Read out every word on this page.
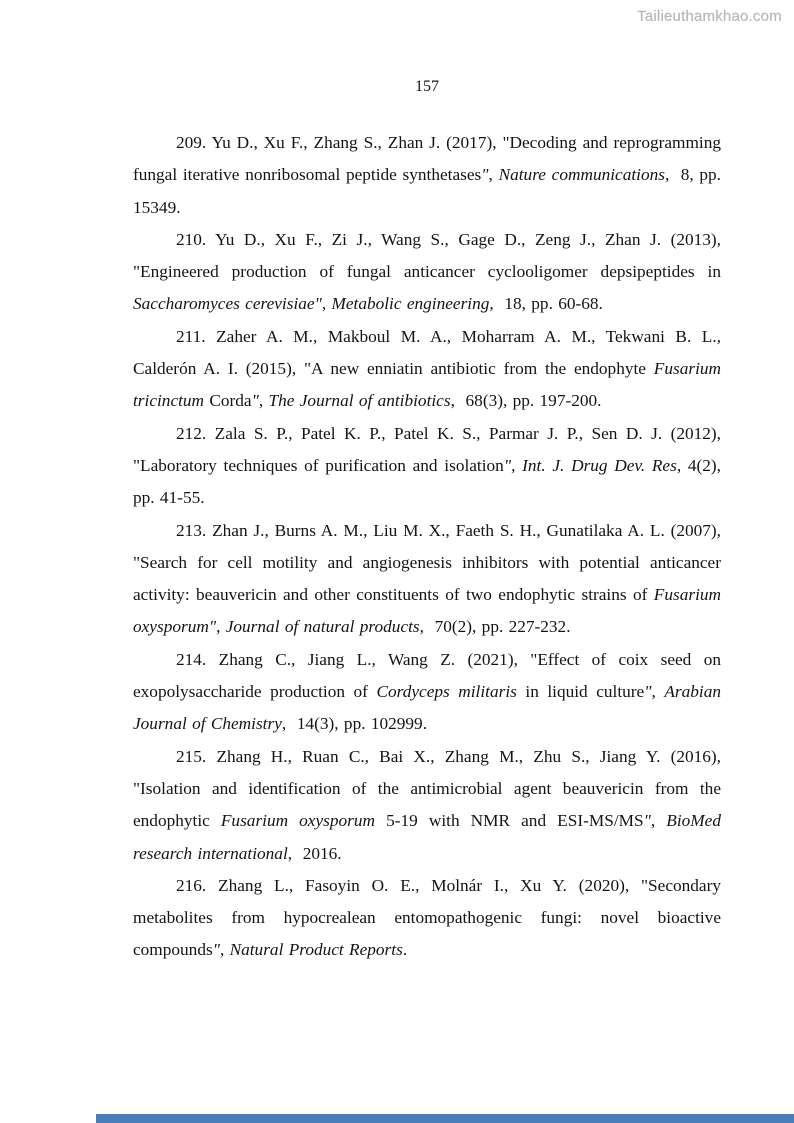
Tailieuthamkhao.com
157

209. Yu D., Xu F., Zhang S., Zhan J. (2017), "Decoding and reprogramming fungal iterative nonribosomal peptide synthetases", Nature communications,  8, pp. 15349.

210. Yu D., Xu F., Zi J., Wang S., Gage D., Zeng J., Zhan J. (2013), "Engineered production of fungal anticancer cyclooligomer depsipeptides in Saccharomyces cerevisiae", Metabolic engineering,  18, pp. 60-68.

211. Zaher A. M., Makboul M. A., Moharram A. M., Tekwani B. L., Calderón A. I. (2015), "A new enniatin antibiotic from the endophyte Fusarium tricinctum Corda", The Journal of antibiotics,  68(3), pp. 197-200.

212. Zala S. P., Patel K. P., Patel K. S., Parmar J. P., Sen D. J. (2012), "Laboratory techniques of purification and isolation", Int. J. Drug Dev. Res, 4(2), pp. 41-55.

213. Zhan J., Burns A. M., Liu M. X., Faeth S. H., Gunatilaka A. L. (2007), "Search for cell motility and angiogenesis inhibitors with potential anticancer activity: beauvericin and other constituents of two endophytic strains of Fusarium oxysporum", Journal of natural products,  70(2), pp. 227-232.

214. Zhang C., Jiang L., Wang Z. (2021), "Effect of coix seed on exopolysaccharide production of Cordyceps militaris in liquid culture", Arabian Journal of Chemistry,  14(3), pp. 102999.

215. Zhang H., Ruan C., Bai X., Zhang M., Zhu S., Jiang Y. (2016), "Isolation and identification of the antimicrobial agent beauvericin from the endophytic Fusarium oxysporum 5-19 with NMR and ESI-MS/MS", BioMed research international,  2016.

216. Zhang L., Fasoyin O. E., Molnár I., Xu Y. (2020), "Secondary metabolites from hypocrealean entomopathogenic fungi: novel bioactive compounds", Natural Product Reports.
